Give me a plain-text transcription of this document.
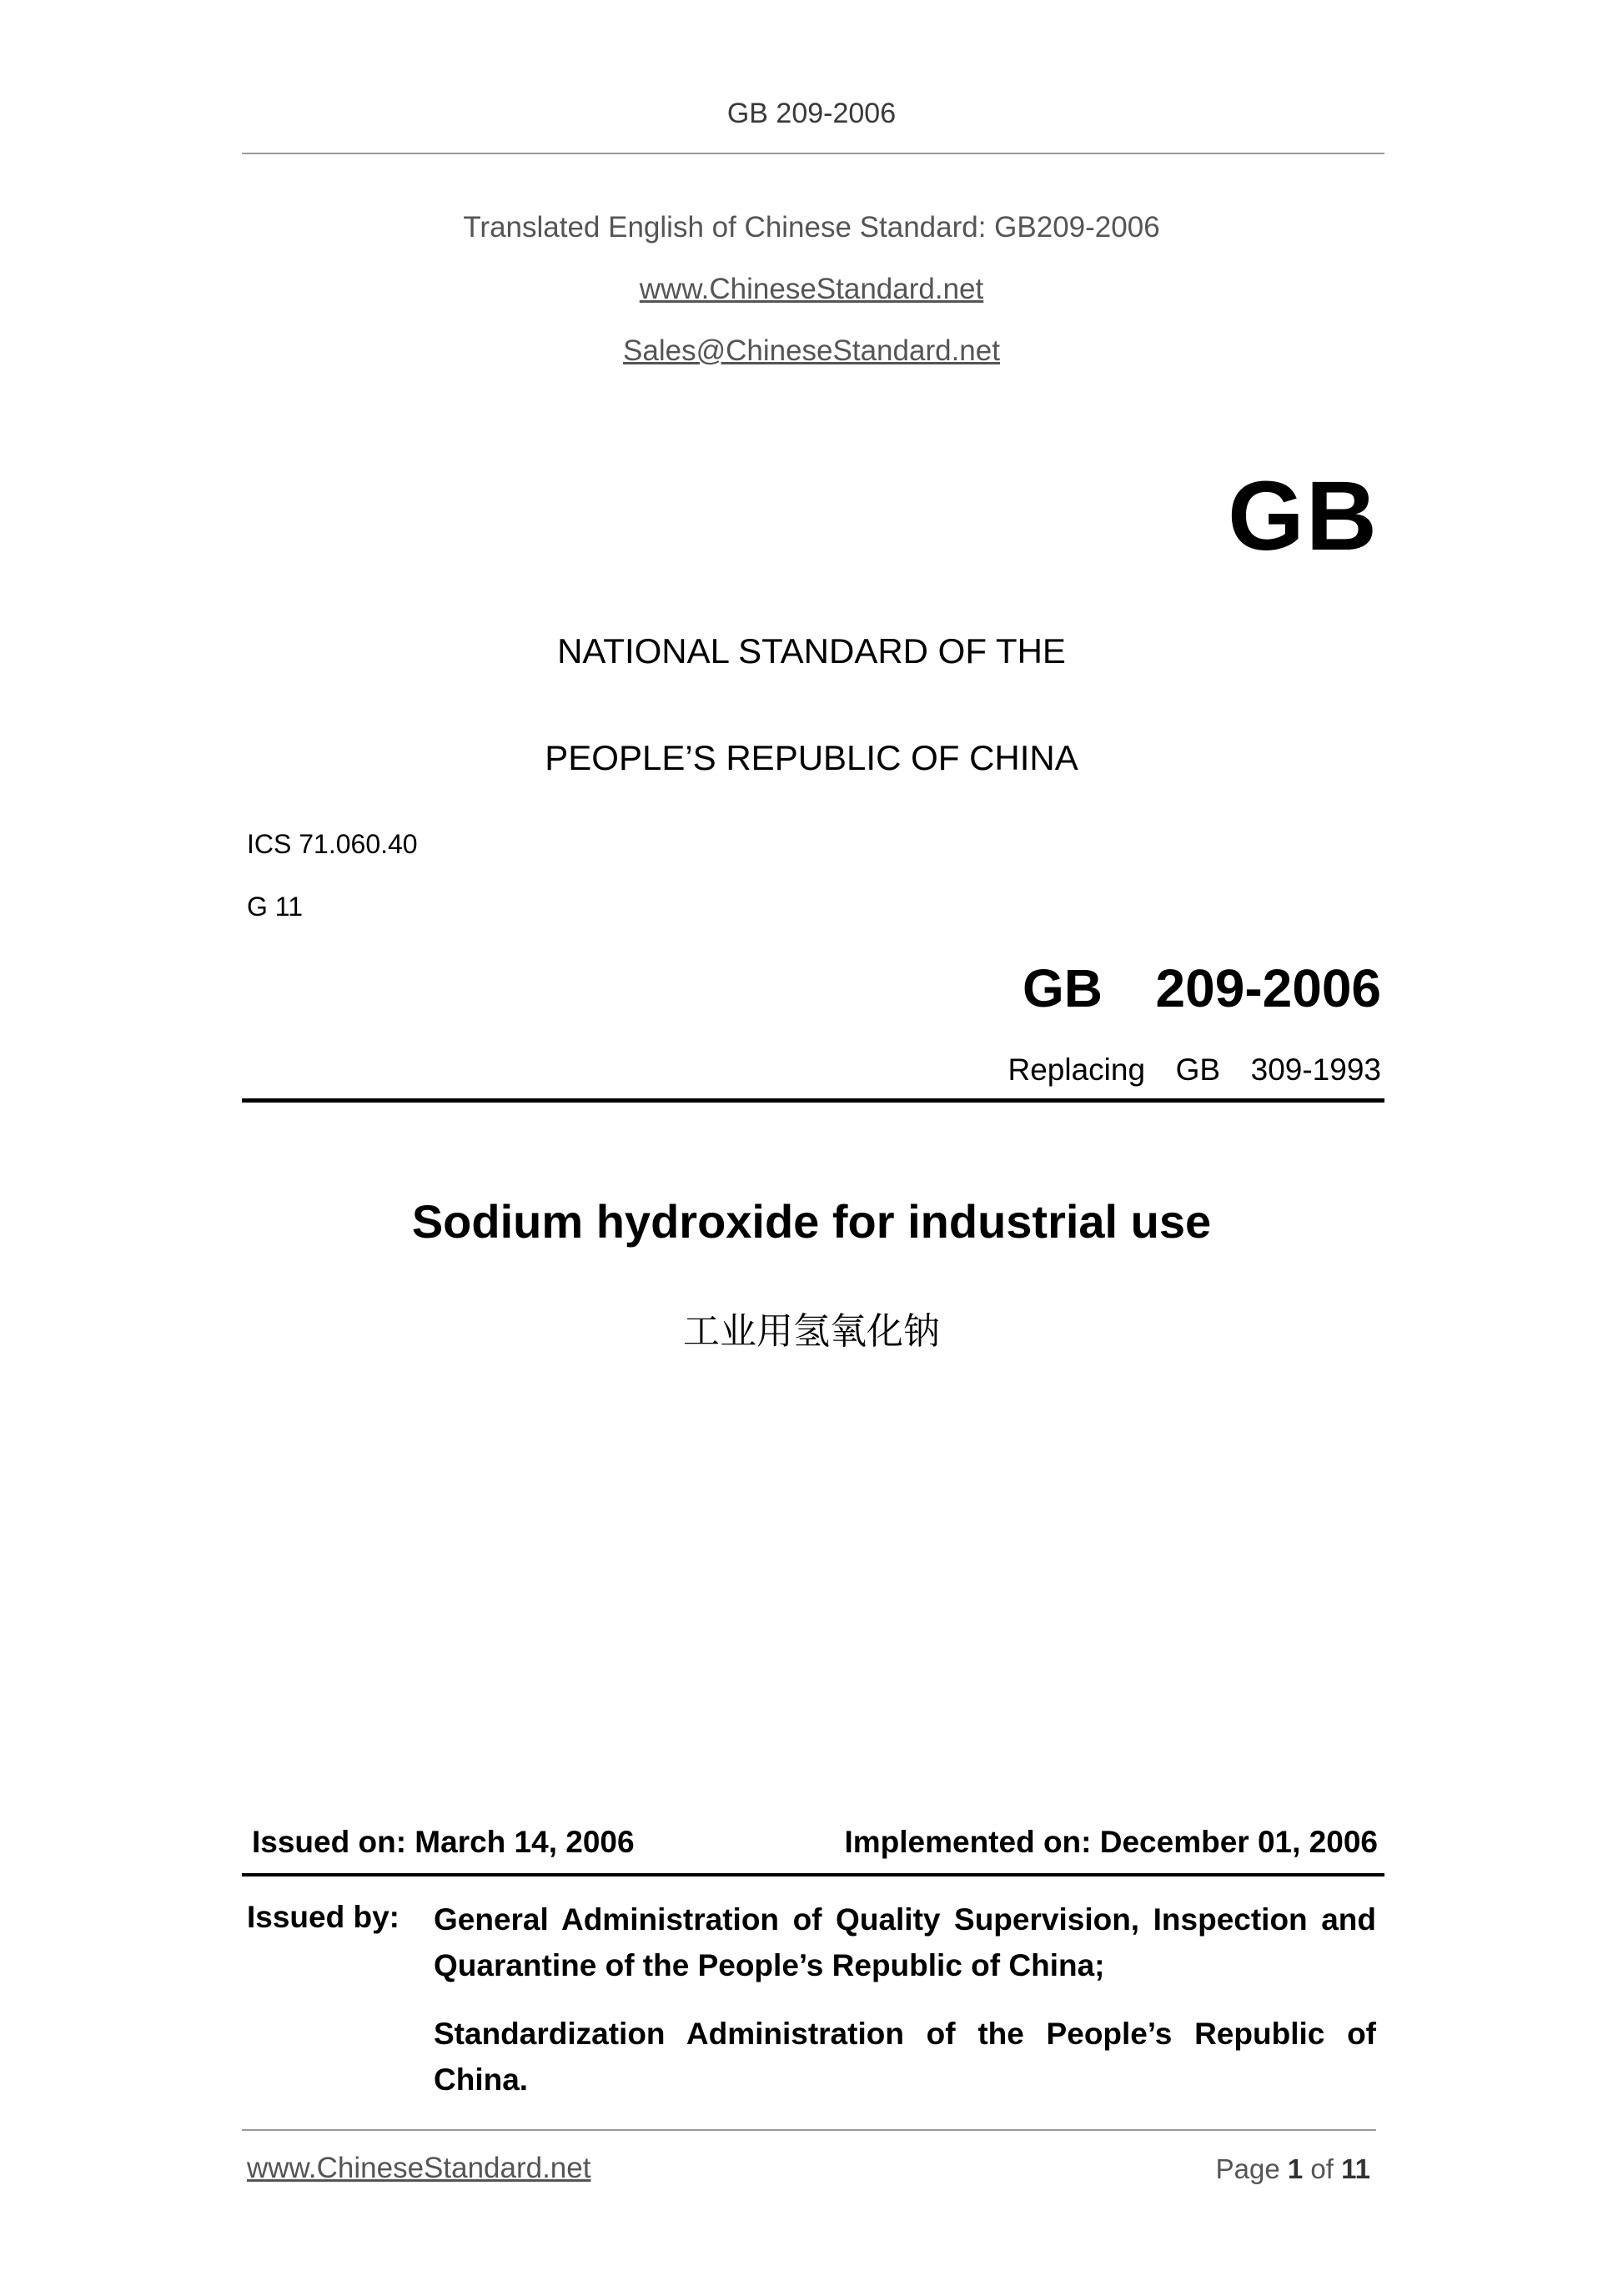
GB 209-2006
Translated English of Chinese Standard: GB209-2006
www.ChineseStandard.net
Sales@ChineseStandard.net
GB
NATIONAL STANDARD OF THE
PEOPLE’S REPUBLIC OF CHINA
ICS 71.060.40
G 11
GB  209-2006
Replacing  GB  309-1993
Sodium hydroxide for industrial use
工业用氢氧化钠
Issued on: March 14, 2006	Implemented on: December 01, 2006
Issued by: General Administration of Quality Supervision, Inspection and Quarantine of the People’s Republic of China;
Standardization Administration of the People’s Republic of China.
www.ChineseStandard.net	Page 1 of 11
